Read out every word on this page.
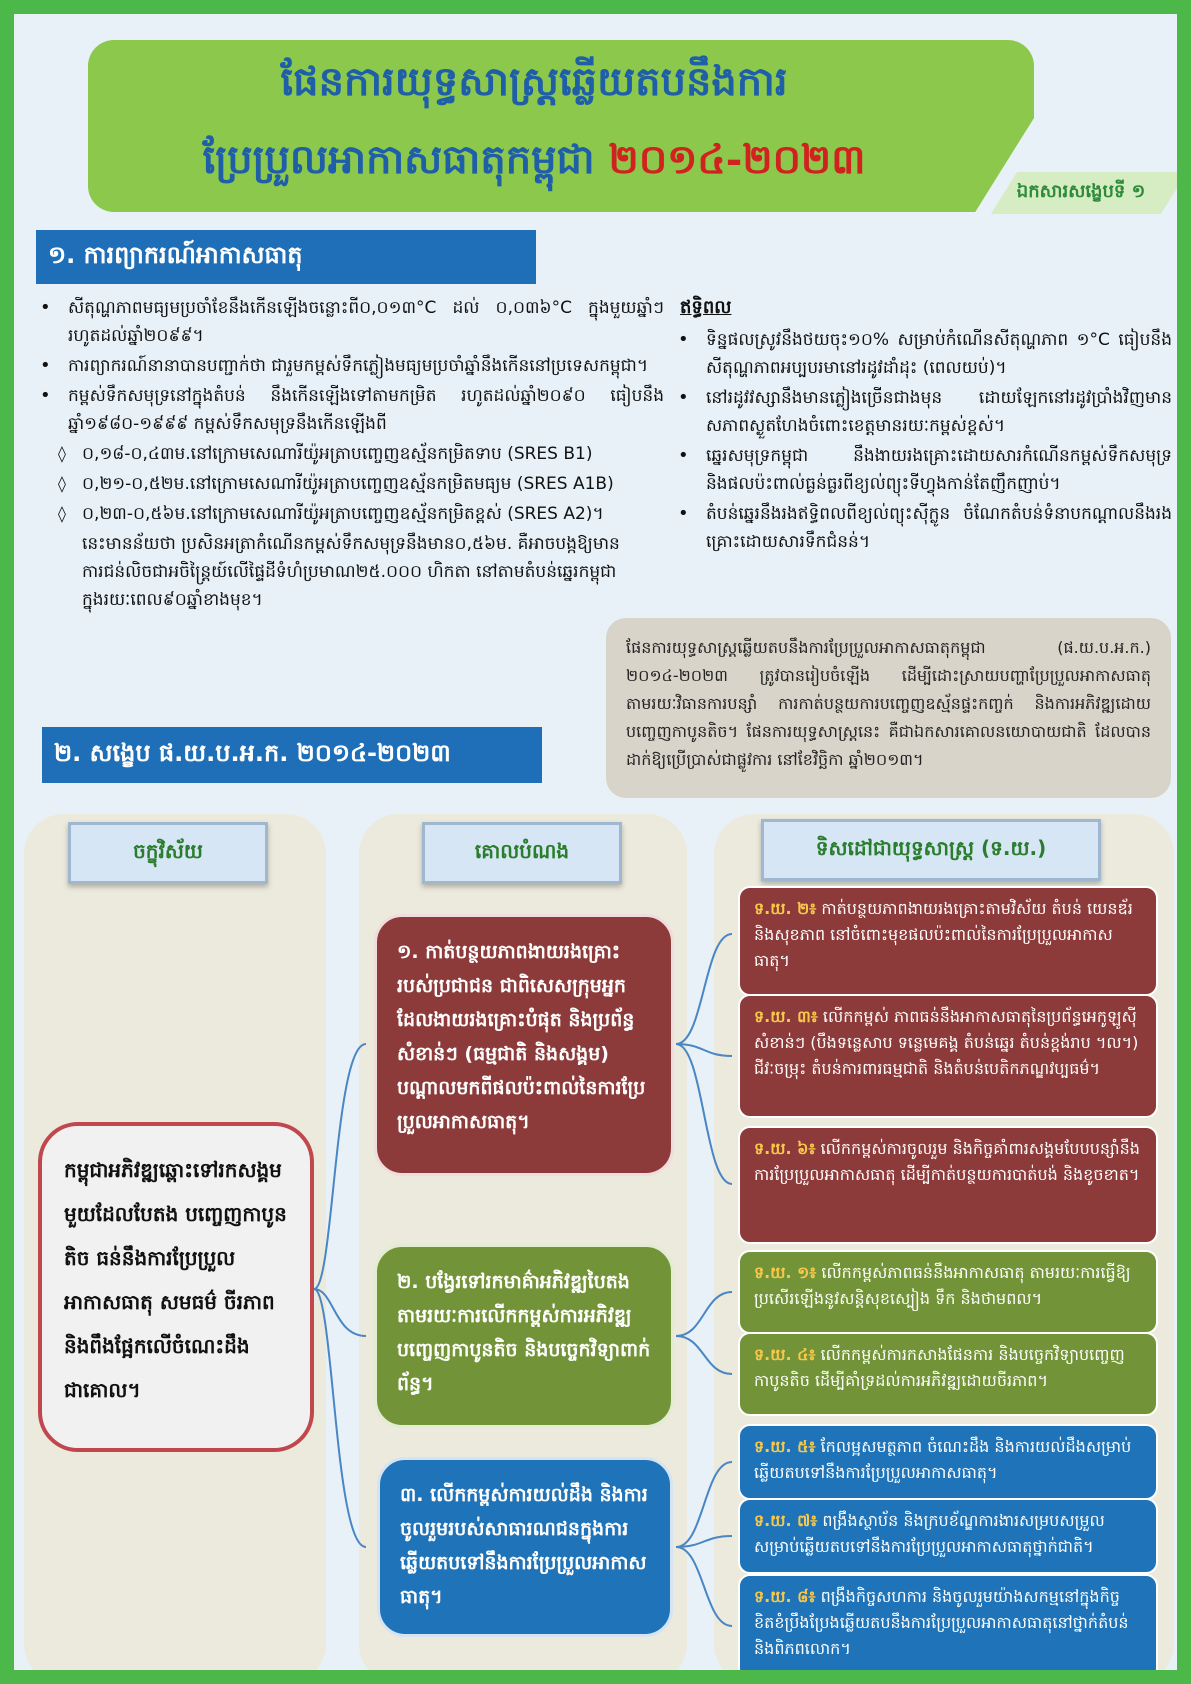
ផែនការយុទ្ធសាស្ត្រឆ្លើយតបនឹងការ
ប្រែប្រួលអាកាសធាតុកម្ពុជា ២០១៤-២០២៣
ឯកសារសង្ខេបទី ១
១. ការព្យាករណ៍អាកាសធាតុ
• សីតុណ្ហភាពមធ្យមប្រចាំខែនឹងកើនឡើងចន្លោះពី០,០១៣°C ដល់ ០,០៣៦°C ក្នុងមួយឆ្នាំៗ រហូតដល់ឆ្នាំ២០៩៩។
• ការព្យាករណ៍នានាបានបញ្ជាក់ថា ជារួមកម្ពស់ទឹកភ្លៀងមធ្យមប្រចាំឆ្នាំនឹងកើននៅប្រទេសកម្ពុជា។
• កម្ពស់ទឹកសមុទ្រនៅក្នុងតំបន់ នឹងកើនឡើងទៅតាមកម្រិត រហូតដល់ឆ្នាំ២០៩០ ធៀបនឹងឆ្នាំ១៩៨០-១៩៩៩ កម្ពស់ទឹកសមុទ្រនឹងកើនឡើងពី
◊ ០,១៨-០,៤៣ម.នៅក្រោមសេណារីយ៉ូអត្រាបញ្ចេញឧស្ម័នកម្រិតទាប (SRES B1)
◊ ០,២១-០,៥២ម.នៅក្រោមសេណារីយ៉ូអត្រាបញ្ចេញឧស្ម័នកម្រិតមធ្យម (SRES A1B)
◊ ០,២៣-០,៥៦ម.នៅក្រោមសេណារីយ៉ូអត្រាបញ្ចេញឧស្ម័នកម្រិតខ្ពស់ (SRES A2)។
នេះមានន័យថា ប្រសិនអត្រាកំណើនកម្ពស់ទឹកសមុទ្រនឹងមាន០,៥៦ម. គឺអាចបង្កឱ្យមានការជន់លិចជាអចិន្ត្រៃយ៍លើផ្ទៃដីទំហំប្រមាណ២៥.០០០ ហិកតា នៅតាមតំបន់ឆ្នេរកម្ពុជា ក្នុងរយៈពេល៩០ឆ្នាំខាងមុខ។
ឥទ្ធិពល
• ទិន្នផលស្រូវនឹងថយចុះ១០% សម្រាប់កំណើនសីតុណ្ហភាព ១°C ធៀបនឹងសីតុណ្ហភាពអប្បបរមានៅរដូវដាំដុះ (ពេលយប់)។
• នៅរដូវវស្សានឹងមានភ្លៀងច្រើនជាងមុន ដោយឡែកនៅរដូវប្រាំងវិញមានសភាពស្ងួតហែងចំពោះខេត្តមានរយៈកម្ពស់ខ្ពស់។
• ឆ្នេរសមុទ្រកម្ពុជា នឹងងាយរងគ្រោះដោយសារកំណើនកម្ពស់ទឹកសមុទ្រ និងផលប៉ះពាល់ធ្ងន់ធ្ងរពីខ្យល់ព្យុះទីហ្វុងកាន់តែញឹកញាប់។
• តំបន់ឆ្នេរនឹងរងឥទ្ធិពលពីខ្យល់ព្យុះស៊ីក្លូន ចំណែកតំបន់ទំនាបកណ្តាលនឹងរងគ្រោះដោយសារទឹកជំនន់។
ផែនការយុទ្ធសាស្ត្រឆ្លើយតបនឹងការប្រែប្រួលអាកាសធាតុកម្ពុជា (ផ.យ.ប.អ.ក.) ២០១៤-២០២៣ ត្រូវបានរៀបចំឡើង ដើម្បីដោះស្រាយបញ្ហាប្រែប្រួលអាកាសធាតុ តាមរយៈវិធានការបន្សាំ ការកាត់បន្ថយការបញ្ចេញឧស្ម័នផ្ទះកញ្ចក់ និងការអភិវឌ្ឍដោយបញ្ចេញកាបូនតិច។ ផែនការយុទ្ធសាស្ត្រនេះ គឺជាឯកសារគោលនយោបាយជាតិ ដែលបានដាក់ឱ្យប្រើប្រាស់ជាផ្លូវការ នៅខែវិច្ឆិកា ឆ្នាំ២០១៣។
២. សង្ខេប ផ.យ.ប.អ.ក. ២០១៤-២០២៣
ចក្ខុវិស័យ	គោលបំណង	ទិសដៅជាយុទ្ធសាស្ត្រ
(ទ.យ.)
កម្ពុជាអភិវឌ្ឍឆ្ពោះទៅរកសង្គមមួយដែលបែតង បញ្ចេញកាបូនតិច ធន់នឹងការប្រែប្រួលអាកាសធាតុ សមធម៌ ចីរភាព និងពឹងផ្អែកលើចំណេះដឹងជាគោល។
១. កាត់បន្ថយភាពងាយរងគ្រោះរបស់ប្រជាជន ជាពិសេសក្រុមអ្នកដែលងាយរងគ្រោះបំផុត និងប្រព័ន្ធសំខាន់ៗ (ធម្មជាតិ និងសង្គម) បណ្តាលមកពីផលប៉ះពាល់នៃការប្រែប្រួលអាកាសធាតុ។
២. បង្វែរទៅរកមាគ៌ាអភិវឌ្ឍបៃតង តាមរយៈការលើកកម្ពស់ការអភិវឌ្ឍបញ្ចេញកាបូនតិច និងបច្ចេកវិទ្យាពាក់ព័ន្ធ។
៣. លើកកម្ពស់ការយល់ដឹង និងការចូលរួមរបស់សាធារណជនក្នុងការឆ្លើយតបទៅនឹងការប្រែប្រួលអាកាសធាតុ។
ទ.យ. ២៖ កាត់បន្ថយភាពងាយរងគ្រោះតាមវិស័យ តំបន់ យេនឌ័រ និងសុខភាព នៅចំពោះមុខផលប៉ះពាល់នៃការប្រែប្រួលអាកាសធាតុ។
ទ.យ. ៣៖ លើកកម្ពស់ ភាពធន់នឹងអាកាសធាតុនៃប្រព័ន្ធអេកូឡូស៊ីសំខាន់ៗ (បឹងទន្លេសាប ទន្លេមេគង្គ តំបន់ឆ្នេរ តំបន់ខ្ពង់រាប ។ល។) ជីវៈចម្រុះ តំបន់ការពារធម្មជាតិ និងតំបន់បេតិកភណ្ឌវប្បធម៌។
ទ.យ. ៦៖ លើកកម្ពស់ការចូលរួម និងកិច្ចគាំពារសង្គមបែបបន្សាំនឹងការប្រែប្រួលអាកាសធាតុ ដើម្បីកាត់បន្ថយការបាត់បង់ និងខូចខាត។
ទ.យ. ១៖ លើកកម្ពស់ភាពធន់នឹងអាកាសធាតុ តាមរយៈការធ្វើឱ្យប្រសើរឡើងនូវសន្តិសុខស្បៀង ទឹក និងថាមពល។
ទ.យ. ៤៖ លើកកម្ពស់ការកសាងផែនការ និងបច្ចេកវិទ្យាបញ្ចេញកាបូនតិច ដើម្បីគាំទ្រដល់ការអភិវឌ្ឍដោយចីរភាព។
ទ.យ. ៥៖ កែលម្អសមត្ថភាព ចំណេះដឹង និងការយល់ដឹងសម្រាប់ឆ្លើយតបទៅនឹងការប្រែប្រួលអាកាសធាតុ។
ទ.យ. ៧៖ ពង្រឹងស្ថាប័ន និងក្របខ័ណ្ឌការងារសម្របសម្រួលសម្រាប់ឆ្លើយតបទៅនឹងការប្រែប្រួលអាកាសធាតុថ្នាក់ជាតិ។
ទ.យ. ៨៖ ពង្រឹងកិច្ចសហការ និងចូលរួមយ៉ាងសកម្មនៅក្នុងកិច្ចខិតខំប្រឹងប្រែងឆ្លើយតបនឹងការប្រែប្រួលអាកាសធាតុនៅថ្នាក់តំបន់ និងពិភពលោក។
